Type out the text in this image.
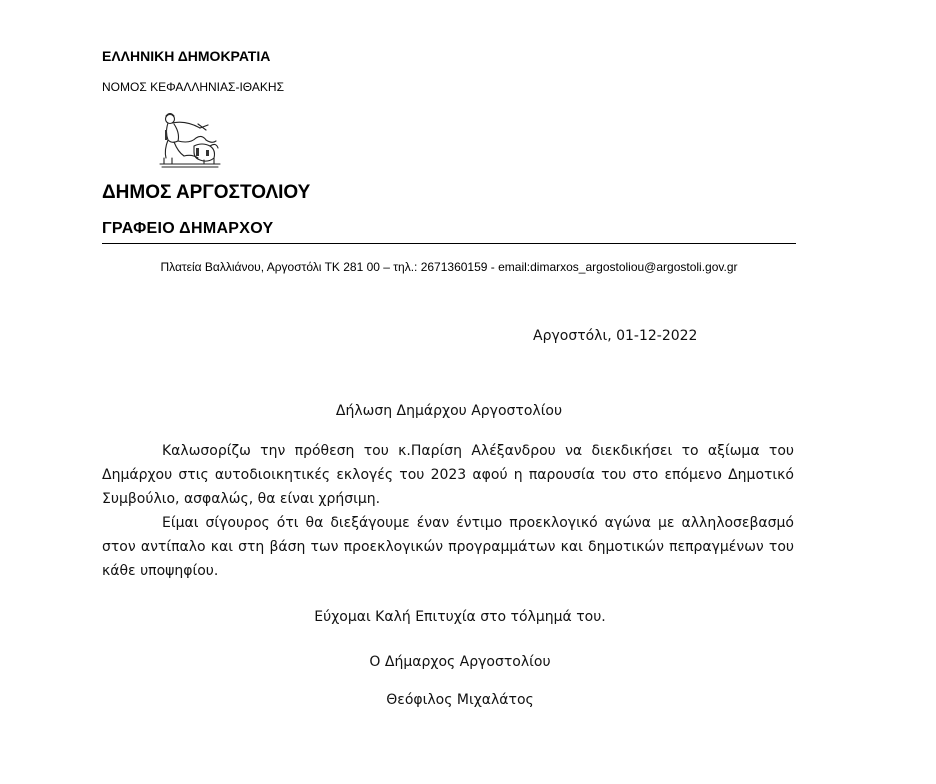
ΕΛΛΗΝΙΚΗ ΔΗΜΟΚΡΑΤΙΑ
ΝΟΜΟΣ ΚΕΦΑΛΛΗΝΙΑΣ-ΙΘΑΚΗΣ
ΔΗΜΟΣ ΑΡΓΟΣΤΟΛΙΟΥ
ΓΡΑΦΕΙΟ ΔΗΜΑΡΧΟΥ
Πλατεία Βαλλιάνου, Αργοστόλι ΤΚ 281 00 – τηλ.: 2671360159 - email:dimarxos_argostoliou@argostoli.gov.gr
Αργοστόλι, 01-12-2022
Δήλωση Δημάρχου Αργοστολίου

Καλωσορίζω την πρόθεση του κ.Παρίση Αλέξανδρου να διεκδικήσει το αξίωμα του Δημάρχου στις αυτοδιοικητικές εκλογές του 2023 αφού η παρουσία του στο επόμενο Δημοτικό Συμβούλιο, ασφαλώς, θα είναι χρήσιμη.

Είμαι σίγουρος ότι θα διεξάγουμε έναν έντιμο προεκλογικό αγώνα με αλληλοσεβασμό στον αντίπαλο και στη βάση των προεκλογικών προγραμμάτων και δημοτικών πεπραγμένων του κάθε υποψηφίου.

Εύχομαι Καλή Επιτυχία στο τόλμημά του.
Ο Δήμαρχος Αργοστολίου
Θεόφιλος Μιχαλάτος
